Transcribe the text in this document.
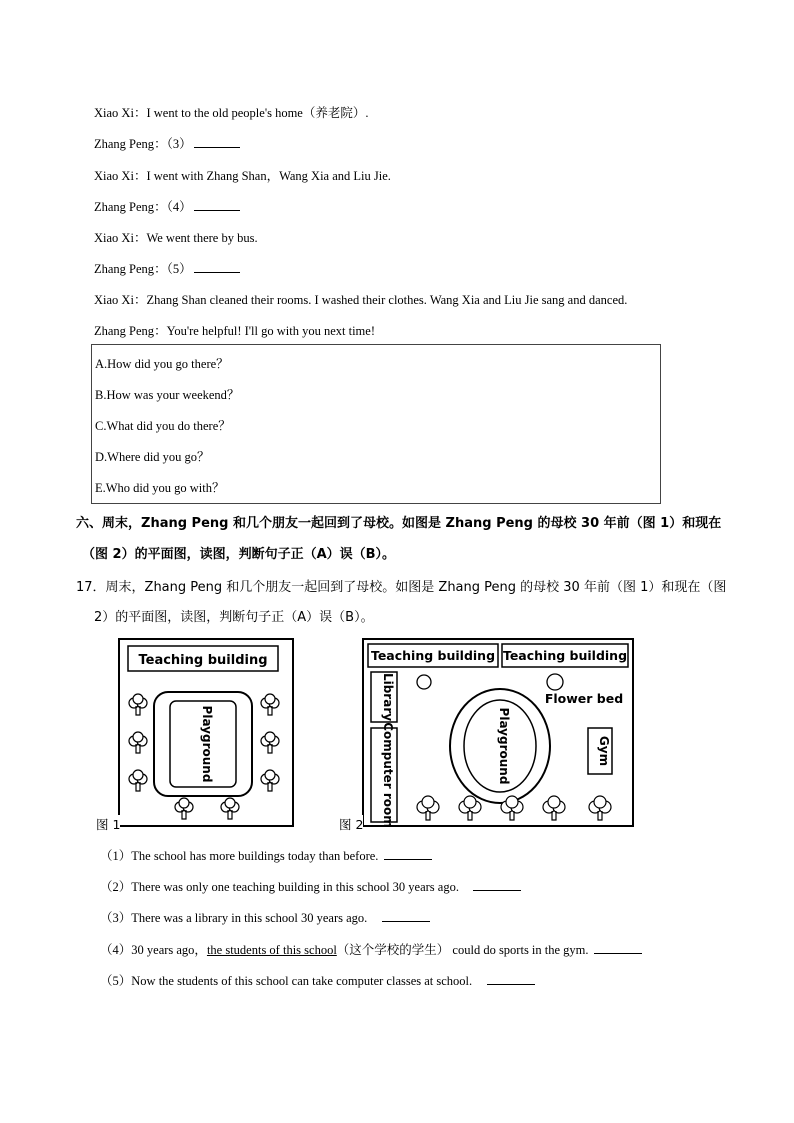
Xiao Xi：I went to the old people's home（养老院）.
Zhang Peng：（3）
Xiao Xi：I went with Zhang Shan，Wang Xia and Liu Jie.
Zhang Peng：（4）
Xiao Xi：We went there by bus.
Zhang Peng：（5）
Xiao Xi：Zhang Shan cleaned their rooms. I washed their clothes. Wang Xia and Liu Jie sang and danced.
Zhang Peng：You're helpful! I'll go with you next time!
A.How did you go there？
B.How was your weekend？
C.What did you do there？
D.Where did you go？
E.Who did you go with？
六、周末，Zhang Peng 和几个朋友一起回到了母校。如图是 Zhang Peng 的母校 30 年前（图 1）和现在
（图 2）的平面图，读图，判断句子正（A）误（B）。
17．周末，Zhang Peng 和几个朋友一起回到了母校。如图是 Zhang Peng 的母校 30 年前（图 1）和现在（图
2）的平面图，读图，判断句子正（A）误（B）。
Teaching building
Playground
图 1
Teaching building Teaching building
Library
Computer room
Flower bed
Playground	Gym
图 2
（1）The school has more buildings today than before.
（2）There was only one teaching building in this school 30 years ago.
（3）There was a library in this school 30 years ago.
（4）30 years ago，the students of this school（这个学校的学生） could do sports in the gym.
（5）Now the students of this school can take computer classes at school.
